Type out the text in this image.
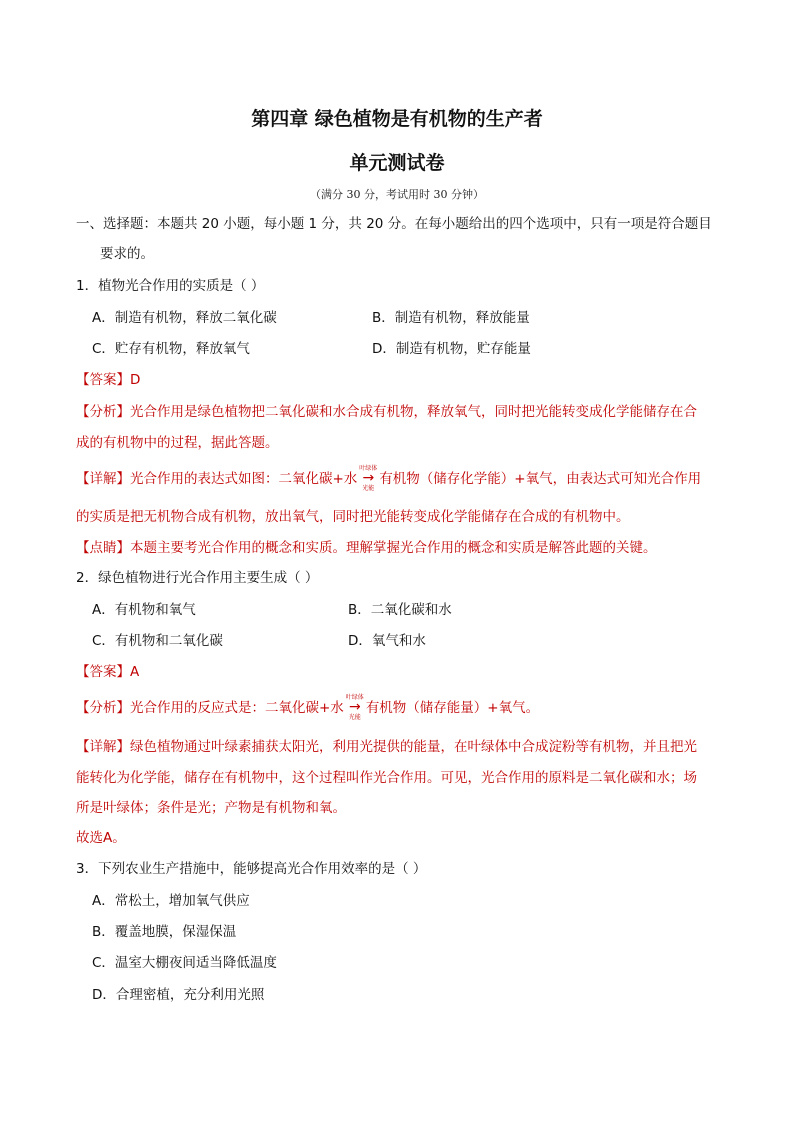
第四章 绿色植物是有机物的生产者
单元测试卷
（满分 30 分，考试用时 30 分钟）
一、选择题：本题共 20 小题，每小题 1 分，共 20 分。在每小题给出的四个选项中，只有一项是符合题目
要求的。
1．植物光合作用的实质是（ ）
A．制造有机物，释放二氧化碳	B．制造有机物，释放能量
C．贮存有机物，释放氧气	D．制造有机物，贮存能量
【答案】D
【分析】光合作用是绿色植物把二氧化碳和水合成有机物，释放氧气，同时把光能转变成化学能储存在合
成的有机物中的过程，据此答题。
【详解】光合作用的表达式如图：二氧化碳+水
叶绿体
→
光能
有机物（储存化学能）+氧气，由表达式可知光合作用
的实质是把无机物合成有机物，放出氧气，同时把光能转变成化学能储存在合成的有机物中。
【点睛】本题主要考光合作用的概念和实质。理解掌握光合作用的概念和实质是解答此题的关键。
2．绿色植物进行光合作用主要生成（ ）
A．有机物和氧气	B．二氧化碳和水
C．有机物和二氧化碳	D．氧气和水
【答案】A
【分析】光合作用的反应式是：二氧化碳+水
叶绿体
→
光能
有机物（储存能量）+氧气。
【详解】绿色植物通过叶绿素捕获太阳光，利用光提供的能量，在叶绿体中合成淀粉等有机物，并且把光
能转化为化学能，储存在有机物中，这个过程叫作光合作用。可见，光合作用的原料是二氧化碳和水；场
所是叶绿体；条件是光；产物是有机物和氧。
故选A。
3．下列农业生产措施中，能够提高光合作用效率的是（ ）
A．常松土，增加氧气供应
B．覆盖地膜，保湿保温
C．温室大棚夜间适当降低温度
D．合理密植，充分利用光照
